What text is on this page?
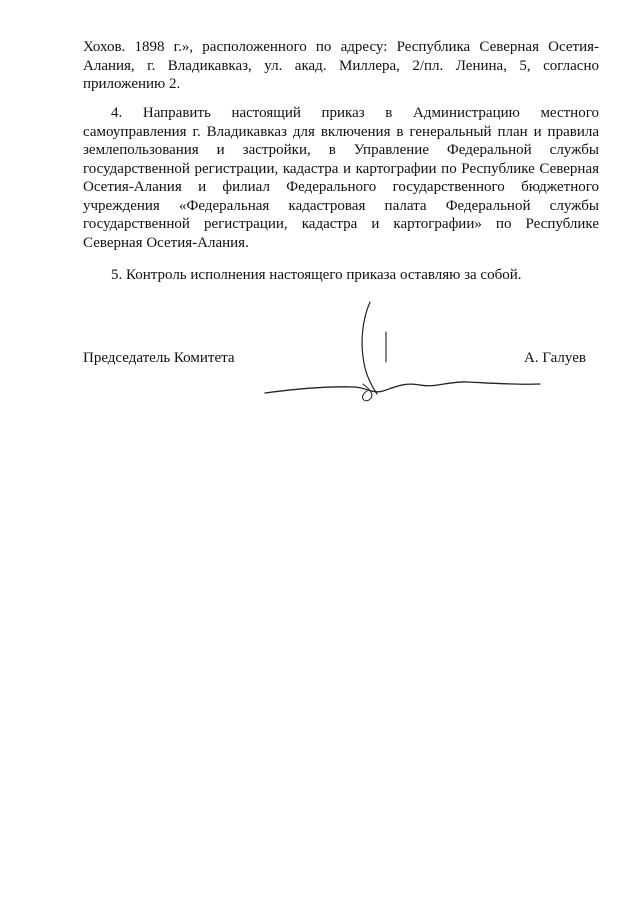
Хохов. 1898 г.», расположенного по адресу: Республика Северная Осетия-Алания, г. Владикавказ, ул. акад. Миллера, 2/пл. Ленина, 5, согласно приложению 2.

4. Направить настоящий приказ в Администрацию местного самоуправления г. Владикавказ для включения в генеральный план и правила землепользования и застройки, в Управление Федеральной службы государственной регистрации, кадастра и картографии по Республике Северная Осетия-Алания и филиал Федерального государственного бюджетного учреждения «Федеральная кадастровая палата Федеральной службы государственной регистрации, кадастра и картографии» по Республике Северная Осетия-Алания.

5. Контроль исполнения настоящего приказа оставляю за собой.

Председатель Комитета	А. Галуев
